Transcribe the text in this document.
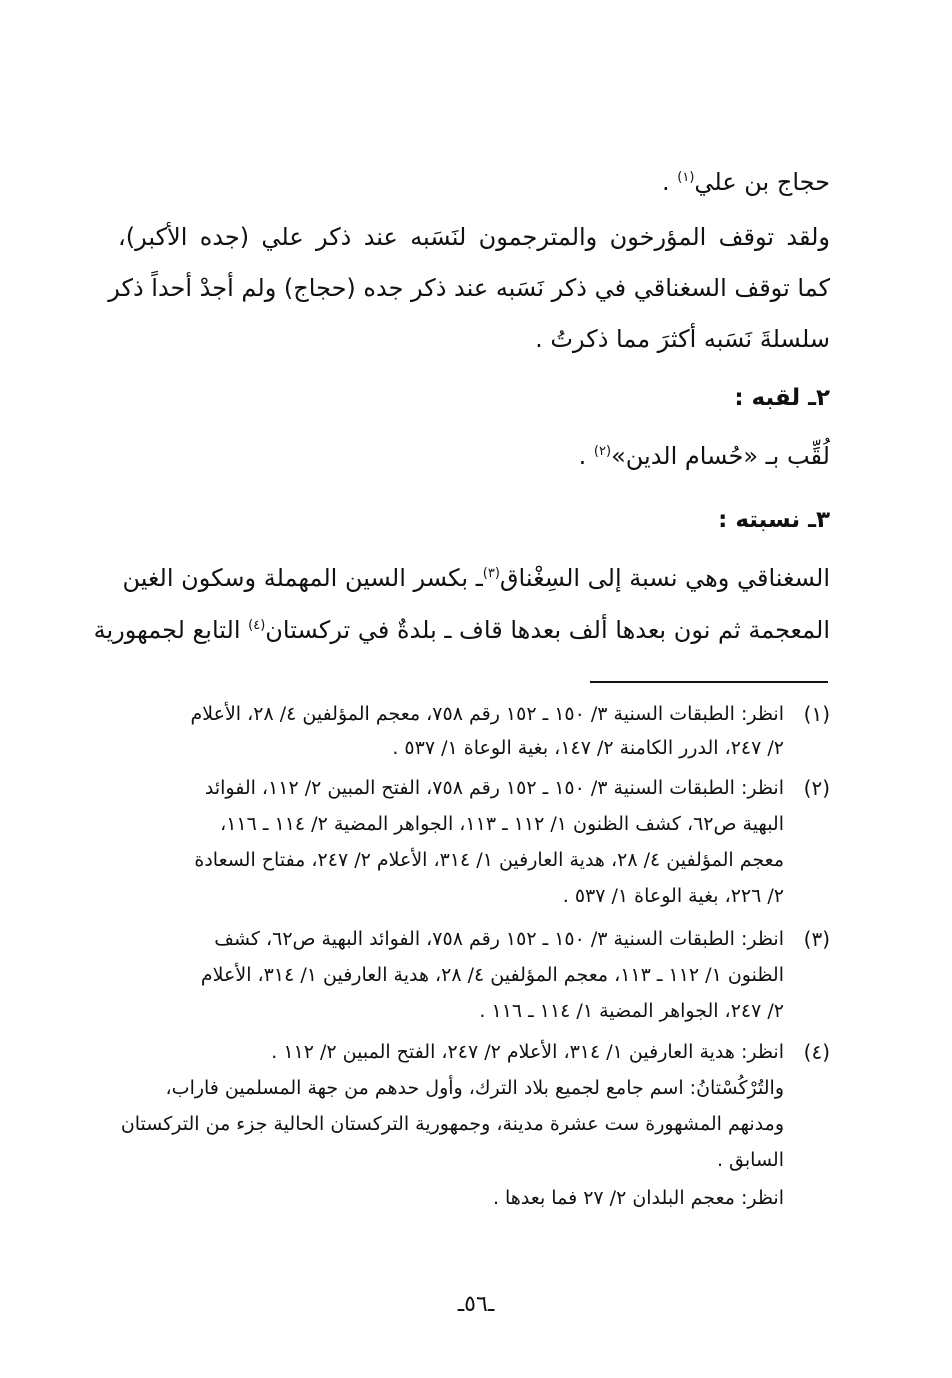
حجاج بن علي$^{(١)}$ .
ولقد توقف المؤرخون والمترجمون لنَسَبه عند ذكر علي (جده الأكبر)،
كما توقف السغناقي في ذكر نَسَبه عند ذكر جده (حجاج) ولم أجدْ أحداً ذكر
سلسلةَ نَسَبه أكثرَ مما ذكرتُ .
٢ـ لقبه :
لُقِّب بـ «حُسام الدين»$^{(٢)}$ .
٣ـ نسبته :
السغناقي وهي نسبة إلى السِغْناق$^{(٣)}$ـ بكسر السين المهملة وسكون الغين
المعجمة ثم نون بعدها ألف بعدها قاف ـ بلدةٌ في تركستان$^{(٤)}$ التابع لجمهورية
(١)
انظر: الطبقات السنية ٣/ ١٥٠ ـ ١٥٢ رقم ٧٥٨، معجم المؤلفين ٤/ ٢٨، الأعلام
٢/ ٢٤٧، الدرر الكامنة ٢/ ١٤٧، بغية الوعاة ١/ ٥٣٧ .
(٢)
انظر: الطبقات السنية ٣/ ١٥٠ ـ ١٥٢ رقم ٧٥٨، الفتح المبين ٢/ ١١٢، الفوائد
البهية ص٦٢، كشف الظنون ١/ ١١٢ ـ ١١٣، الجواهر المضية ٢/ ١١٤ ـ ١١٦،
معجم المؤلفين ٤/ ٢٨، هدية العارفين ١/ ٣١٤، الأعلام ٢/ ٢٤٧، مفتاح السعادة
٢/ ٢٢٦، بغية الوعاة ١/ ٥٣٧ .
(٣)
انظر: الطبقات السنية ٣/ ١٥٠ ـ ١٥٢ رقم ٧٥٨، الفوائد البهية ص٦٢، كشف
الظنون ١/ ١١٢ ـ ١١٣، معجم المؤلفين ٤/ ٢٨، هدية العارفين ١/ ٣١٤، الأعلام
٢/ ٢٤٧، الجواهر المضية ١/ ١١٤ ـ ١١٦ .
(٤)
انظر: هدية العارفين ١/ ٣١٤، الأعلام ٢/ ٢٤٧، الفتح المبين ٢/ ١١٢ .
والتُرْكُسْتانُ: اسم جامع لجميع بلاد الترك، وأول حدهم من جهة المسلمين فاراب،
ومدنهم المشهورة ست عشرة مدينة، وجمهورية التركستان الحالية جزء من التركستان
السابق .
انظر: معجم البلدان ٢/ ٢٧ فما بعدها .
ـ٥٦ـ
